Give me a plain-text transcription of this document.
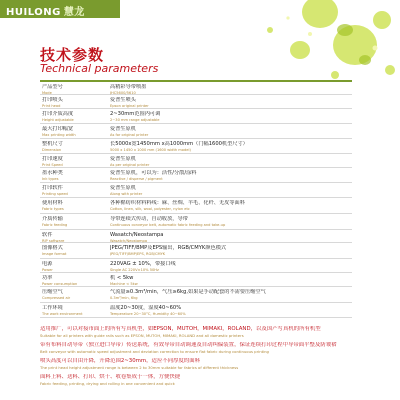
HUILONG 慧龙
技术参数
Technical parameters
产品型号
Mode
高精彩导带喷墨
JHC5600/5610
打印喷头
Print head
爱普生喷头
Epson original printer
打印介质高度
Height adjustable
2~30mm范围内可调
2~30 mm range adjustable
最大打印幅宽
Max printing width
爱普生原机
As for original printer
整机尺寸
Dimension
长5000x宽1450mm x高1000mm（门幅1600机型尺寸）
5000 x 1450 x 1000 mm (1600 width model)
打印速度
Print Speed
爱普生原机
As per original printer
墨水种类
Ink types
爱普生原机，可以为：活性/分散/涂料
Reactive / disperse / pigment
打印软件
Printing speed
爱普生原机
Along with printer
使用材料
Fabric types
各种棉纺织材料料线：麻、丝绸、羊毛、化纤、无皮等面料
Cotton, linen, silk, wool, polyester, nylon etc
介质传输
Fabric feeding
导带连续式传动，自动收放，导带
Continuous conveyor belt, automatic fabric feeding and take-up
软件
RIP software
Wasatch/Neostampa
Wasatch/Neostampa
图像格式
Image format
JPEG/TIFF/BMP及EPS输出，RGB/CMYK颜色模式
JPEG/TIFF/BMP/EPS, RGB/CMYK
电源
Power
220VAG ± 10%，带接口线
Single AC 220V±10% 50Hz
功率
Power consumption
机 < 5kw
Machine < 5kw
压缩空气
Compressed air
气流量≥0.3m³/min，气压≥6kg,如果是手动配套的不需要压缩空气
0.3m³/min, 6kg
工作环境
The work environment
温度20~30度，湿度40~60%
Temperature 20~30°C, Humidity 40~60%
适用推广，可以对接市面上的所有写真机型，如EPSON，MUTOH，MIMAKI，ROLAND，以及国产写真机的所有机型
Suitable for all printers with guide rails such as EPSON, MUTOH, MIMAKI, ROLAND and all domestic printers
带有布料自动导带（独立进口导带）传送系统，有效导带自动调速及自动纠偏装置，保证连续打印过程中导带面平整及防皱褶
Belt conveyor with automatic speed adjustment and deviation correction to ensure flat fabric during continuous printing
喷头高度可以自由升降，升降范围2~30mm，适应不同厚度的面料
The print head height adjustment range is between 2 to 30mm suitable for fabrics of different thickness
面料上料、送料、打印、烘干、收卷集成于一体，方便快捷
Fabric feeding, printing, drying and rolling in one convenient and quick
